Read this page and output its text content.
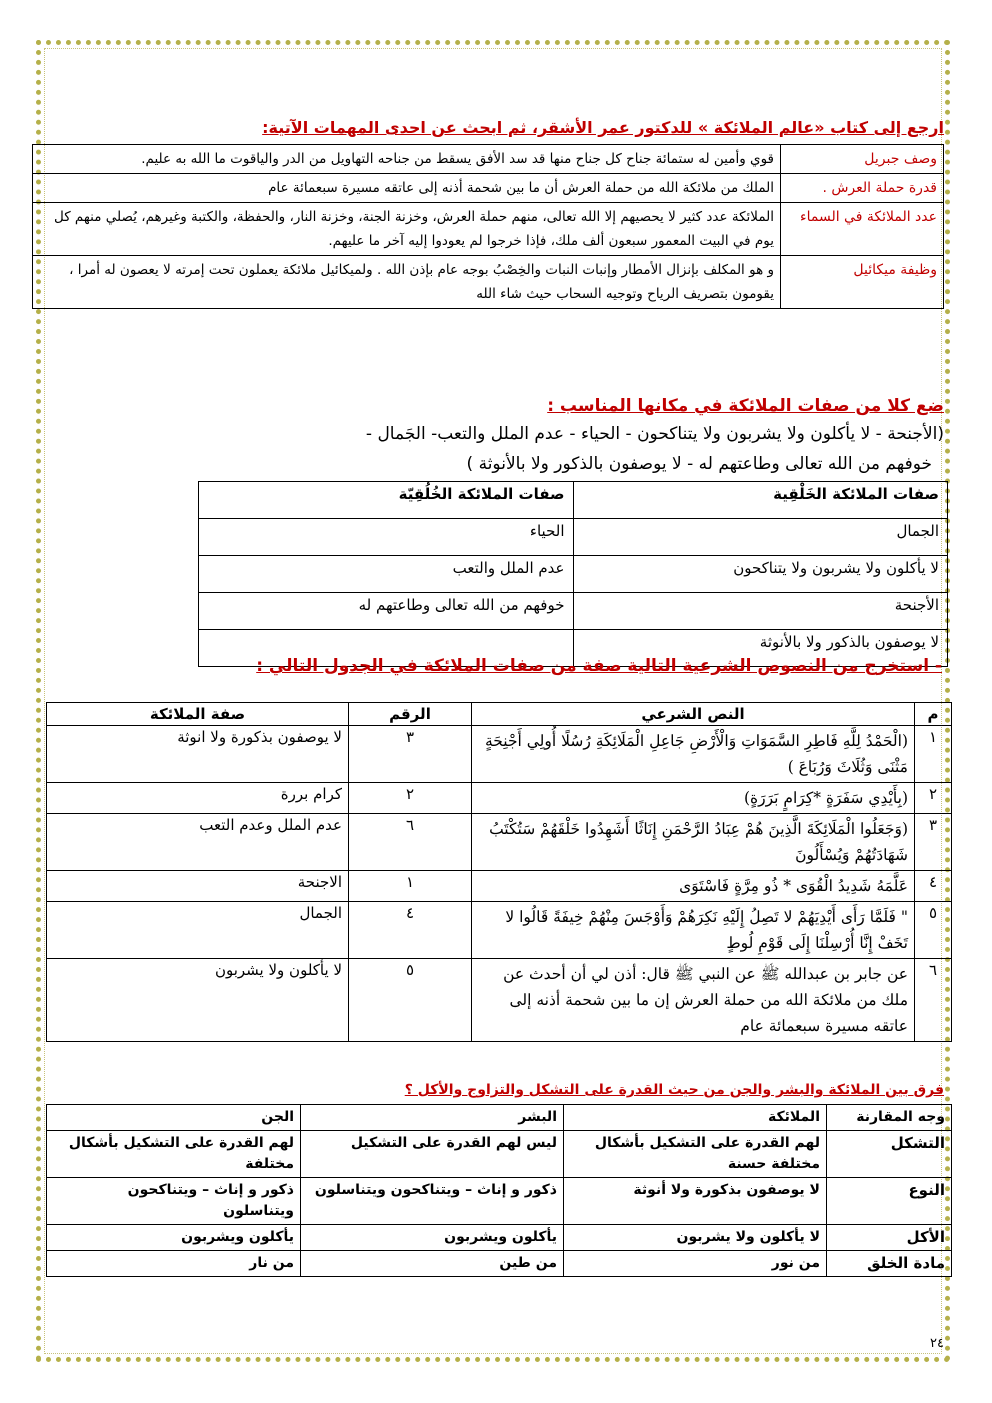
ارجع إلى كتاب «عالم الملائكة » للدكتور عمر الأشقر، ثم ابحث عن احدى المهمات الآتية:
وصف جبريل	قوي وأمين له ستمائة جناح كل جناح منها قد سد الأفق يسقط من جناحه التهاويل من الدر والياقوت ما الله به عليم.
قدرة حملة العرش .	الملك من ملائكة الله من حملة العرش أن ما بين شحمة أذنه إلى عاتقه مسيرة سبعمائة عام
عدد الملائكة في السماء	الملائكة عدد كثير لا يحصيهم إلا الله تعالى، منهم حملة العرش، وخزنة الجنة، وخزنة النار، والحفظة، والكتبة وغيرهم، يُصلي منهم كل يوم في البيت المعمور سبعون ألف ملك، فإذا خرجوا لم يعودوا إليه آخر ما عليهم.
وظيفة ميكائيل	و هو المكلف بإنزال الأمطار وإنبات النبات والخِصْبُ بوجه عام بإذن الله . ولميكائيل ملائكة يعملون تحت إمرته لا يعصون له أمرا ، يقومون بتصريف الرياح وتوجيه السحاب حيث شاء الله
ضع كلا من صفات الملائكة في مكانها المناسب :
(الأجنحة - لا يأكلون ولا يشربون ولا يتناكحون - الحياء - عدم الملل والتعب- الجَمال -
خوفهم من الله تعالى وطاعتهم له - لا يوصفون بالذكور ولا بالأنوثة )
صفات الملائكة الخَلْقِية	صفات الملائكة الخُلُقِيّة
الجمال	الحياء
لا يأكلون ولا يشربون ولا يتناكحون	عدم الملل والتعب
الأجنحة	خوفهم من الله تعالى وطاعتهم له
لا يوصفون بالذكور ولا بالأنوثة	
- استخرج من النصوص الشرعية التالية صفة من صفات الملائكة في الجدول التالي :
م	النص الشرعي	الرقم	صفة الملائكة
١	(الْحَمْدُ لِلَّهِ فَاطِرِ السَّمَوَاتِ وَالْأَرْضِ جَاعِلِ الْمَلَائِكَةِ رُسُلًا أُولِي أَجْنِحَةٍ مَثْنَى وَثُلَاثَ وَرُبَاعَ )	٣	لا يوصفون بذكورة ولا انوثة
٢	(بِأَيْدِي سَفَرَةٍ *كِرَامٍ بَرَرَةٍ)	٢	كرام بررة
٣	(وَجَعَلُوا الْمَلَائِكَةَ الَّذِينَ هُمْ عِبَادُ الرَّحْمَنِ إِنَاثًا أَشَهِدُوا خَلْقَهُمْ سَتُكْتَبُ شَهَادَتُهُمْ وَيُسْأَلُونَ	٦	عدم الملل وعدم التعب
٤	عَلَّمَهُ شَدِيدُ الْقُوَى * ذُو مِرَّةٍ فَاسْتَوَى	١	الاجنحة
٥	" فَلَمَّا رَأَى أَيْدِيَهُمْ لا تَصِلُ إِلَيْهِ نَكِرَهُمْ وَأَوْجَسَ مِنْهُمْ خِيفَةً قَالُوا لا تَخَفْ إِنَّا أُرْسِلْنَا إِلَى قَوْمِ لُوطٍ	٤	الجمال
٦	عن جابر بن عبدالله ﷺ عن النبي ﷺ قال: أذن لي أن أحدث عن ملك من ملائكة الله من حملة العرش إن ما بين شحمة أذنه إلى عاتقه مسيرة سبعمائة عام	٥	لا يأكلون ولا يشربون
فرق بين الملائكة والبشر والجن من حيث القدرة على التشكل والتزاوج والأكل ؟
وجه المقارنة	الملائكة	البشر	الجن
التشكل	لهم القدرة على التشكيل بأشكال مختلفة حسنة	ليس لهم القدرة على التشكيل	لهم القدرة على التشكيل بأشكال مختلفة
النوع	لا يوصفون بذكورة ولا أنوثة	ذكور و إناث – ويتناكحون ويتناسلون	ذكور و إناث – ويتناكحون ويتناسلون
الأكل	لا يأكلون ولا يشربون	يأكلون ويشربون	يأكلون ويشربون
مادة الخلق	من نور	من طين	من نار
٢٤
